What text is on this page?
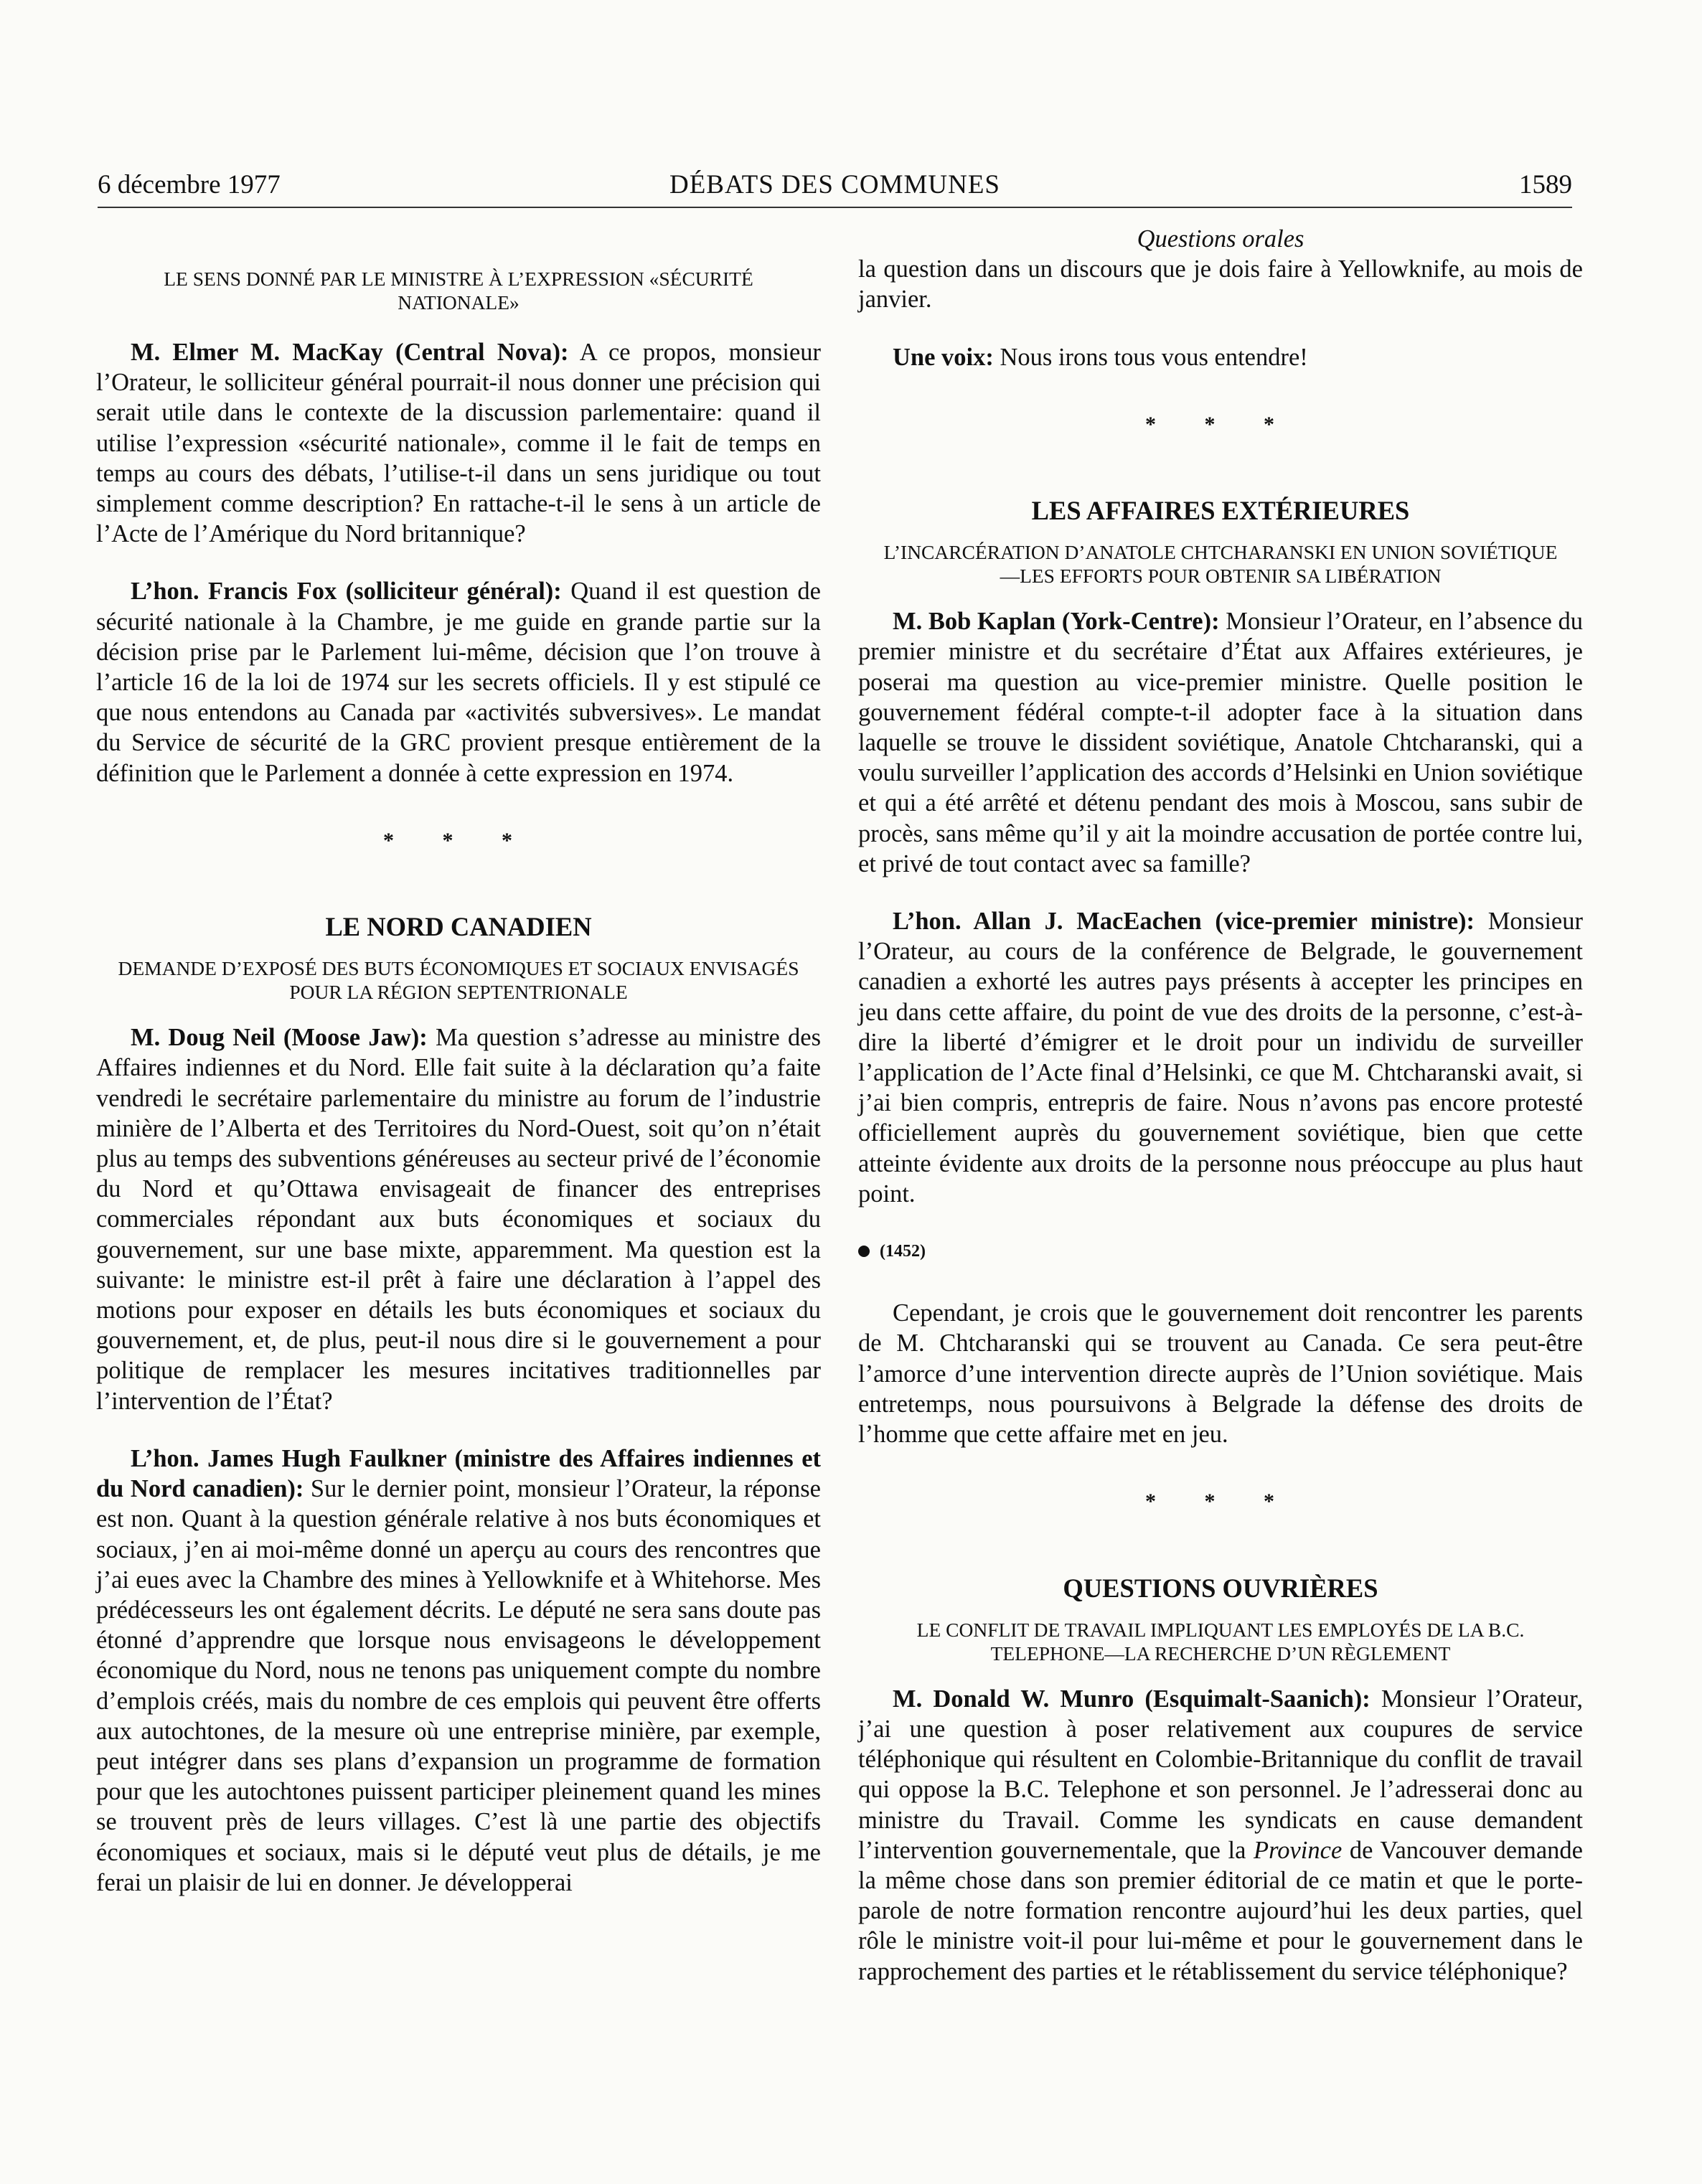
6 décembre 1977	DÉBATS DES COMMUNES	1589
LE SENS DONNÉ PAR LE MINISTRE À L’EXPRESSION «SÉCURITÉ NATIONALE»

M. Elmer M. MacKay (Central Nova): A ce propos, monsieur l’Orateur, le solliciteur général pourrait-il nous donner une précision qui serait utile dans le contexte de la discussion parlementaire: quand il utilise l’expression «sécurité nationale», comme il le fait de temps en temps au cours des débats, l’utilise-t-il dans un sens juridique ou tout simplement comme description? En rattache-t-il le sens à un article de l’Acte de l’Amérique du Nord britannique?

L’hon. Francis Fox (solliciteur général): Quand il est question de sécurité nationale à la Chambre, je me guide en grande partie sur la décision prise par le Parlement lui-même, décision que l’on trouve à l’article 16 de la loi de 1974 sur les secrets officiels. Il y est stipulé ce que nous entendons au Canada par «activités subversives». Le mandat du Service de sécurité de la GRC provient presque entièrement de la définition que le Parlement a donnée à cette expression en 1974.

* * *
LE NORD CANADIEN
DEMANDE D’EXPOSÉ DES BUTS ÉCONOMIQUES ET SOCIAUX ENVISAGÉS POUR LA RÉGION SEPTENTRIONALE

M. Doug Neil (Moose Jaw): Ma question s’adresse au ministre des Affaires indiennes et du Nord. Elle fait suite à la déclaration qu’a faite vendredi le secrétaire parlementaire du ministre au forum de l’industrie minière de l’Alberta et des Territoires du Nord-Ouest, soit qu’on n’était plus au temps des subventions généreuses au secteur privé de l’économie du Nord et qu’Ottawa envisageait de financer des entreprises commerciales répondant aux buts économiques et sociaux du gouvernement, sur une base mixte, apparemment. Ma question est la suivante: le ministre est-il prêt à faire une déclaration à l’appel des motions pour exposer en détails les buts économiques et sociaux du gouvernement, et, de plus, peut-il nous dire si le gouvernement a pour politique de remplacer les mesures incitatives traditionnelles par l’intervention de l’État?

L’hon. James Hugh Faulkner (ministre des Affaires indiennes et du Nord canadien): Sur le dernier point, monsieur l’Orateur, la réponse est non. Quant à la question générale relative à nos buts économiques et sociaux, j’en ai moi-même donné un aperçu au cours des rencontres que j’ai eues avec la Chambre des mines à Yellowknife et à Whitehorse. Mes prédécesseurs les ont également décrits. Le député ne sera sans doute pas étonné d’apprendre que lorsque nous envisageons le développement économique du Nord, nous ne tenons pas uniquement compte du nombre d’emplois créés, mais du nombre de ces emplois qui peuvent être offerts aux autochtones, de la mesure où une entreprise minière, par exemple, peut intégrer dans ses plans d’expansion un programme de formation pour que les autochtones puissent participer pleinement quand les mines se trouvent près de leurs villages. C’est là une partie des objectifs économiques et sociaux, mais si le député veut plus de détails, je me ferai un plaisir de lui en donner. Je développerai

Questions orales

la question dans un discours que je dois faire à Yellowknife, au mois de janvier.

Une voix: Nous irons tous vous entendre!

* * *
LES AFFAIRES EXTÉRIEURES
L’INCARCÉRATION D’ANATOLE CHTCHARANSKI EN UNION SOVIÉTIQUE—LES EFFORTS POUR OBTENIR SA LIBÉRATION

M. Bob Kaplan (York-Centre): Monsieur l’Orateur, en l’absence du premier ministre et du secrétaire d’État aux Affaires extérieures, je poserai ma question au vice-premier ministre. Quelle position le gouvernement fédéral compte-t-il adopter face à la situation dans laquelle se trouve le dissident soviétique, Anatole Chtcharanski, qui a voulu surveiller l’application des accords d’Helsinki en Union soviétique et qui a été arrêté et détenu pendant des mois à Moscou, sans subir de procès, sans même qu’il y ait la moindre accusation de portée contre lui, et privé de tout contact avec sa famille?

L’hon. Allan J. MacEachen (vice-premier ministre): Monsieur l’Orateur, au cours de la conférence de Belgrade, le gouvernement canadien a exhorté les autres pays présents à accepter les principes en jeu dans cette affaire, du point de vue des droits de la personne, c’est-à-dire la liberté d’émigrer et le droit pour un individu de surveiller l’application de l’Acte final d’Helsinki, ce que M. Chtcharanski avait, si j’ai bien compris, entrepris de faire. Nous n’avons pas encore protesté officiellement auprès du gouvernement soviétique, bien que cette atteinte évidente aux droits de la personne nous préoccupe au plus haut point.

(1452)

Cependant, je crois que le gouvernement doit rencontrer les parents de M. Chtcharanski qui se trouvent au Canada. Ce sera peut-être l’amorce d’une intervention directe auprès de l’Union soviétique. Mais entretemps, nous poursuivons à Belgrade la défense des droits de l’homme que cette affaire met en jeu.

* * *
QUESTIONS OUVRIÈRES
LE CONFLIT DE TRAVAIL IMPLIQUANT LES EMPLOYÉS DE LA B.C. TELEPHONE—LA RECHERCHE D’UN RÈGLEMENT

M. Donald W. Munro (Esquimalt-Saanich): Monsieur l’Orateur, j’ai une question à poser relativement aux coupures de service téléphonique qui résultent en Colombie-Britannique du conflit de travail qui oppose la B.C. Telephone et son personnel. Je l’adresserai donc au ministre du Travail. Comme les syndicats en cause demandent l’intervention gouvernementale, que la Province de Vancouver demande la même chose dans son premier éditorial de ce matin et que le porte-parole de notre formation rencontre aujourd’hui les deux parties, quel rôle le ministre voit-il pour lui-même et pour le gouvernement dans le rapprochement des parties et le rétablissement du service téléphonique?
